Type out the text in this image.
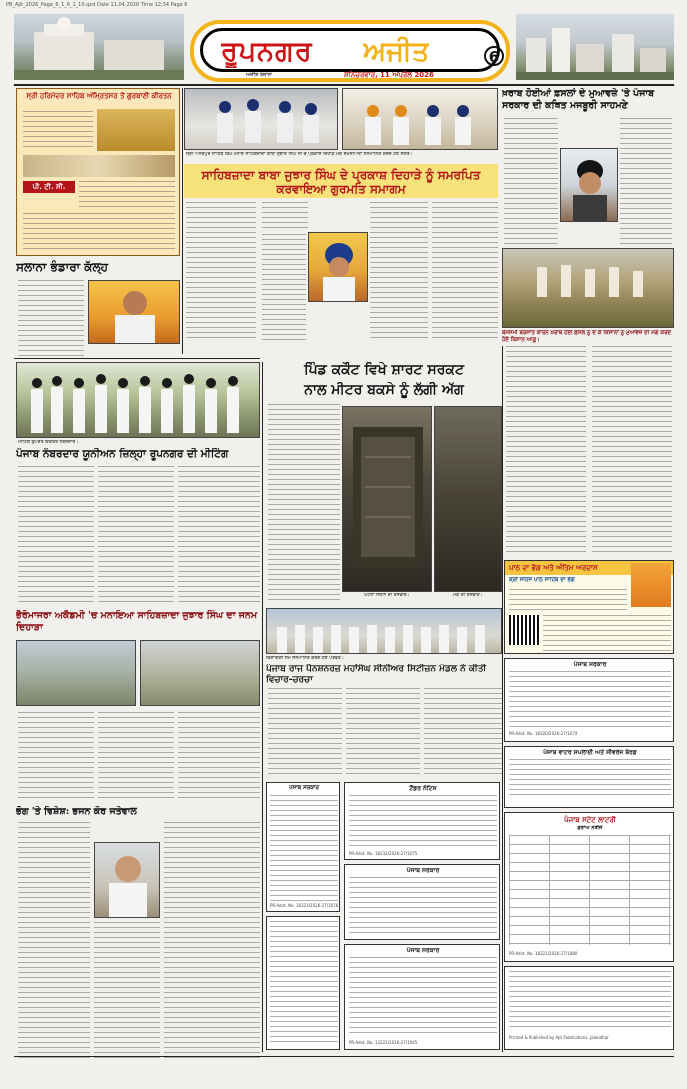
PB_Ajit_2026_Page_6_1_6_1_10.qxd Date 11.04.2026 Time 12:34 Page 6
ਰੂਪਨਗਰ ਅਜੀਤ
ਅਜੀਤ ਰੋਜਾਨਾ	ਸ਼ਨਿਚਰਵਾਰ, 11 ਅਪ੍ਰੈਲ 2026
6
ਸ੍ਰੀ ਹਰਿਮੰਦਰ ਸਾਹਿਬ ਅੰਮ੍ਰਿਤਸਰ ਤੋਂ ਗੁਰਬਾਣੀ ਕੀਰਤਨ
ਪੀ. ਟੀ. ਸੀ.
ਸ੍ਰੀ ਅਨੰਦਪੁਰ ਸਾਹਿਬ ਵਿਖੇ ਮਨਾਏ ਸਾਹਿਬਜ਼ਾਦਾ ਬਾਬਾ ਜੁਝਾਰ ਸਿੰਘ ਜੀ ਦੇ ਪ੍ਰਕਾਸ਼ ਦਿਹਾੜੇ ਮੌਕੇ ਸ਼ਖ਼ਸੀਅਤਾਂ ਸਨਮਾਨਿਤ ਕਰਦੇ ਹੋਏ ਸੰਗਤ।
ਸਾਹਿਬਜ਼ਾਦਾ ਬਾਬਾ ਜੁਝਾਰ ਸਿੰਘ ਦੇ ਪ੍ਰਕਾਸ਼ ਦਿਹਾੜੇ ਨੂੰ ਸਮਰਪਿਤ ਕਰਵਾਇਆ ਗੁਰਮਤਿ ਸਮਾਗਮ
ਖ਼ਰਾਬ ਹੋਈਆਂ ਫ਼ਸਲਾਂ ਦੇ ਮੁਆਵਜ਼ੇ 'ਤੇ ਪੰਜਾਬ ਸਰਕਾਰ ਦੀ ਕਥਿਤ ਮਜਬੂਰੀ ਸਾਹਮਣੇ
ਬੇਮੌਸਮੀ ਬਰਸਾਤ ਕਾਰਨ ਖ਼ਰਾਬ ਹੋਈ ਫ਼ਸਲ ਨੂੰ ਦੇ ਕੇ ਕਿਸਾਨਾਂ ਨੂੰ ਮੁਆਵਜ਼ੇ ਦੀ ਮੰਗ ਕਰਦੇ ਹੋਏ ਕਿਸਾਨ ਆਗੂ।
ਸਲਾਨਾ ਭੰਡਾਰਾ ਕੱਲ੍ਹ
ਮੀਟਿੰਗ ਉਪਰੰਤ ਇਕੱਤਰ ਨੰਬਰਦਾਰ।
ਪੰਜਾਬ ਨੰਬਰਦਾਰ ਯੂਨੀਅਨ ਜ਼ਿਲ੍ਹਾ ਰੂਪਨਗਰ ਦੀ ਮੀਟਿੰਗ
ਪਿੰਡ ਕਕੌਟ ਵਿਖੇ ਸ਼ਾਰਟ ਸਰਕਟ
ਨਾਲ ਮੀਟਰ ਬਕਸੇ ਨੂੰ ਲੱਗੀ ਅੱਗ
ਘਟਨਾ ਸਥਾਨ ਦੀ ਤਸਵੀਰ।	ਮੌਕੇ ਦੀ ਤਸਵੀਰ।
ਪਾਠ ਦਾ ਭੋਗ ਅਤੇ ਅੰਤਿਮ ਅਰਦਾਸ
ਸ਼੍ਰੀ ਸਹਿਜ ਪਾਠ ਸਾਹਿਬ ਦਾ ਭੋਗ
ਭੈਰੋਮਾਜਰਾ ਅਕੈਡਮੀ 'ਚ ਮਨਾਇਆ ਸਾਹਿਬਜ਼ਾਦਾ ਜੁਝਾਰ ਸਿੰਘ ਦਾ ਜਨਮ ਦਿਹਾੜਾ
ਵਿਦਾਇਗੀ ਸਮੇਂ ਸਨਮਾਨਿਤ ਕਰਦੇ ਹੋਏ ਪਤਵੰਤੇ।
ਪੰਜਾਬ ਰਾਜ ਪੈਨਸ਼ਨਰਜ਼ ਮਹਾਂਸੰਘ ਸੀਨੀਅਰ ਸਿਟੀਜ਼ਨ ਮੰਡਲ ਨੇ ਕੀਤੀ ਵਿਚਾਰ-ਚਰਚਾ
ਪੰਜਾਬ ਸਰਕਾਰ
PR-Advt. No. 18320/2026-27/1074
ਪੰਜਾਬ ਵਾਟਰ ਸਪਲਾਈ ਅਤੇ ਸੀਵਰੇਜ ਬੋਰਡ
ਪੰਜਾਬ ਸਟੇਟ ਲਾਟਰੀ
ਡਰਾਅ ਨਤੀਜੇ
PR-Advt. No. 18221/2026-27/1080
ਭੋਗ 'ਤੇ ਵਿਸ਼ੇਸ਼: ਭਜਨ ਕੌਰ ਜਤੇਵਾਲ
ਪੰਜਾਬ ਸਰਕਾਰ
PR-Advt. No. 18323/2026-27/1076
ਟੈਂਡਰ ਨੋਟਿਸ
PR-Advt. No. 18232/2026-27/1075
ਪੰਜਾਬ ਸਰਕਾਰ
ਪੰਜਾਬ ਸਰਕਾਰ
PR-Advt. No. 13221/2026-27/1045
Printed & Published by Ajit Publications, Jalandhar
